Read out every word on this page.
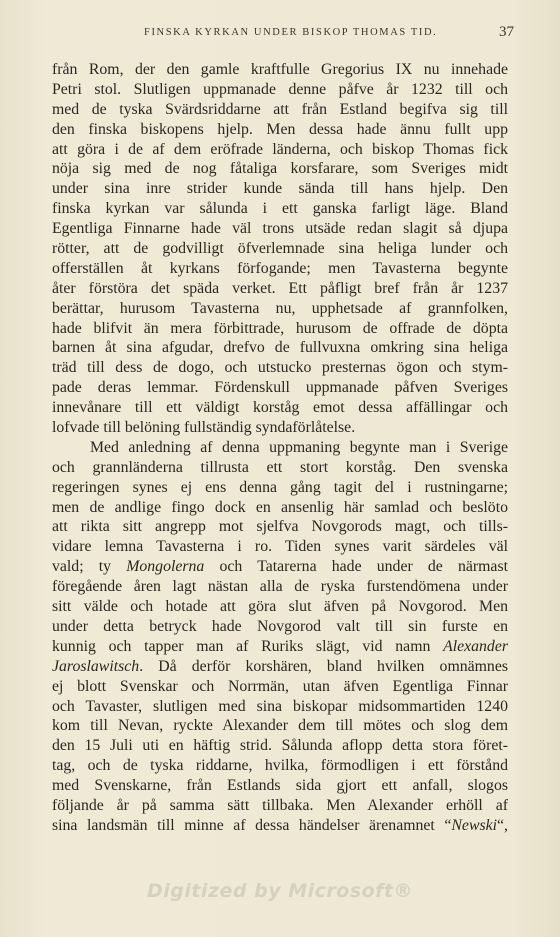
FINSKA KYRKAN UNDER BISKOP THOMAS TID.	37
från Rom, der den gamle kraftfulle Gregorius IX nu innehade
Petri stol. Slutligen uppmanade denne påfve år 1232 till och
med de tyska Svärdsriddarne att från Estland begifva sig till
den finska biskopens hjelp. Men dessa hade ännu fullt upp
att göra i de af dem eröfrade länderna, och biskop Thomas fick
nöja sig med de nog fåtaliga korsfarare, som Sveriges midt
under sina inre strider kunde sända till hans hjelp. Den
finska kyrkan var sålunda i ett ganska farligt läge. Bland
Egentliga Finnarne hade väl trons utsäde redan slagit så djupa
rötter, att de godvilligt öfverlemnade sina heliga lunder och
offerställen åt kyrkans förfogande; men Tavasterna begynte
åter förstöra det späda verket. Ett påfligt bref från år 1237
berättar, hurusom Tavasterna nu, upphetsade af grannfolken,
hade blifvit än mera förbittrade, hurusom de offrade de döpta
barnen åt sina afgudar, drefvo de fullvuxna omkring sina heliga
träd till dess de dogo, och utstucko presternas ögon och stym-
pade deras lemmar. Fördenskull uppmanade påfven Sveriges
innevånare till ett väldigt korståg emot dessa affällingar och
lofvade till belöning fullständig syndaförlåtelse.
Med anledning af denna uppmaning begynte man i Sverige
och grannländerna tillrusta ett stort korståg. Den svenska
regeringen synes ej ens denna gång tagit del i rustningarne;
men de andlige fingo dock en ansenlig här samlad och beslöto
att rikta sitt angrepp mot sjelfva Novgorods magt, och tills-
vidare lemna Tavasterna i ro. Tiden synes varit särdeles väl
vald; ty Mongolerna och Tatarerna hade under de närmast
föregående åren lagt nästan alla de ryska furstendömena under
sitt välde och hotade att göra slut äfven på Novgorod. Men
under detta betryck hade Novgorod valt till sin furste en
kunnig och tapper man af Ruriks slägt, vid namn Alexander
Jaroslawitsch. Då derför korshären, bland hvilken omnämnes
ej blott Svenskar och Norrmän, utan äfven Egentliga Finnar
och Tavaster, slutligen med sina biskopar midsommartiden 1240
kom till Nevan, ryckte Alexander dem till mötes och slog dem
den 15 Juli uti en häftig strid. Sålunda aflopp detta stora föret-
tag, och de tyska riddarne, hvilka, förmodligen i ett förstånd
med Svenskarne, från Estlands sida gjort ett anfall, slogos
följande år på samma sätt tillbaka. Men Alexander erhöll af
sina landsmän till minne af dessa händelser ärenamnet “Newski“,
Digitized by Microsoft®
